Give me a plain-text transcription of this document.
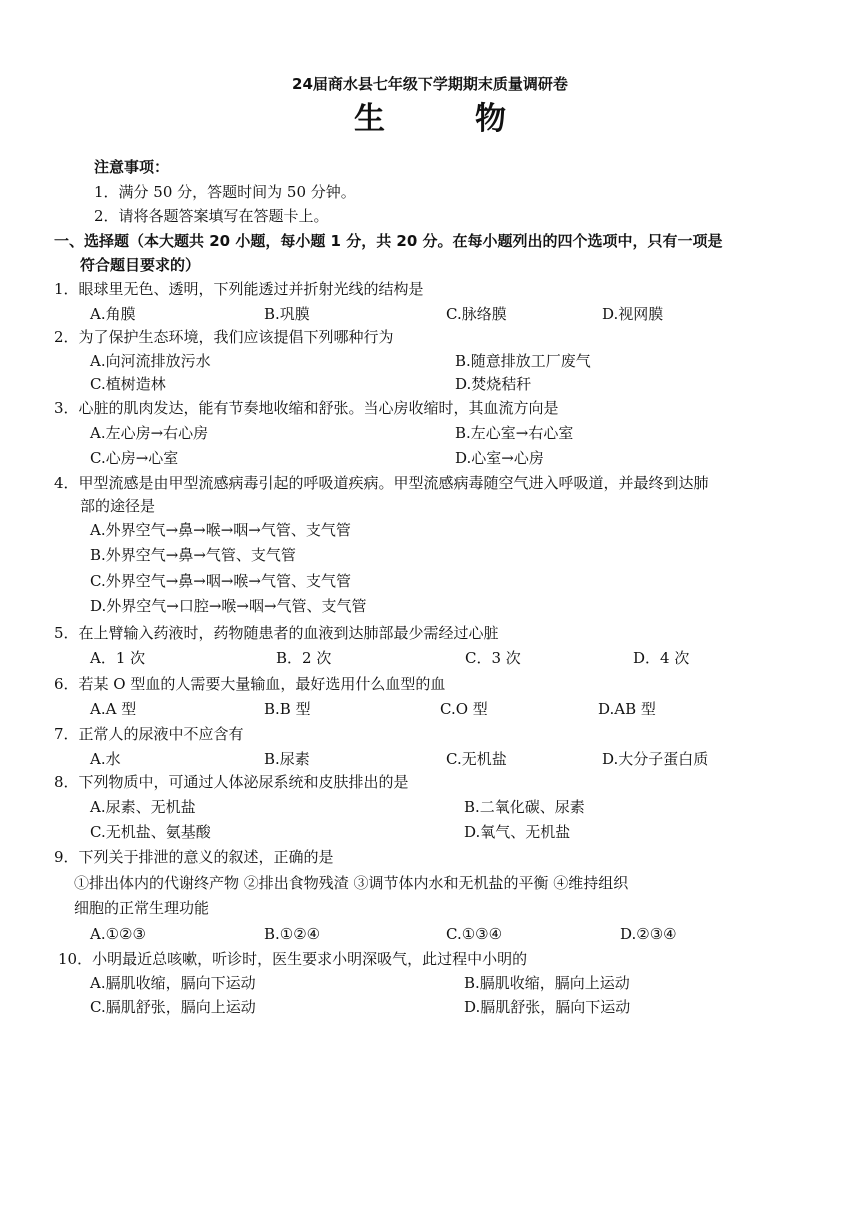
24届商水县七年级下学期期末质量调研卷
生物
注意事项：
1．满分 50 分，答题时间为 50 分钟。
2．请将各题答案填写在答题卡上。
一、选择题（本大题共 20 小题，每小题 1 分，共 20 分。在每小题列出的四个选项中，只有一项是
符合题目要求的）
1．眼球里无色、透明，下列能透过并折射光线的结构是
A.角膜	B.巩膜	C.脉络膜	D.视网膜
2．为了保护生态环境，我们应该提倡下列哪种行为
A.向河流排放污水	B.随意排放工厂废气
C.植树造林	D.焚烧秸秆
3．心脏的肌肉发达，能有节奏地收缩和舒张。当心房收缩时，其血流方向是
A.左心房→右心房	B.左心室→右心室
C.心房→心室	D.心室→心房
4．甲型流感是由甲型流感病毒引起的呼吸道疾病。甲型流感病毒随空气进入呼吸道，并最终到达肺
部的途径是
A.外界空气→鼻→喉→咽→气管、支气管
B.外界空气→鼻→气管、支气管
C.外界空气→鼻→咽→喉→气管、支气管
D.外界空气→口腔→喉→咽→气管、支气管
5．在上臂输入药液时，药物随患者的血液到达肺部最少需经过心脏
A．1 次	B．2 次	C．3 次	D．4 次
6．若某 O 型血的人需要大量输血，最好选用什么血型的血
A.A 型	B.B 型	C.O 型	D.AB 型
7．正常人的尿液中不应含有
A.水	B.尿素	C.无机盐	D.大分子蛋白质
8．下列物质中，可通过人体泌尿系统和皮肤排出的是
A.尿素、无机盐	B.二氧化碳、尿素
C.无机盐、氨基酸	D.氧气、无机盐
9．下列关于排泄的意义的叙述，正确的是
①排出体内的代谢终产物 ②排出食物残渣 ③调节体内水和无机盐的平衡 ④维持组织
细胞的正常生理功能
A.①②③	B.①②④	C.①③④	D.②③④
10．小明最近总咳嗽，听诊时，医生要求小明深吸气，此过程中小明的
A.膈肌收缩，膈向下运动	B.膈肌收缩，膈向上运动
C.膈肌舒张，膈向上运动	D.膈肌舒张，膈向下运动
